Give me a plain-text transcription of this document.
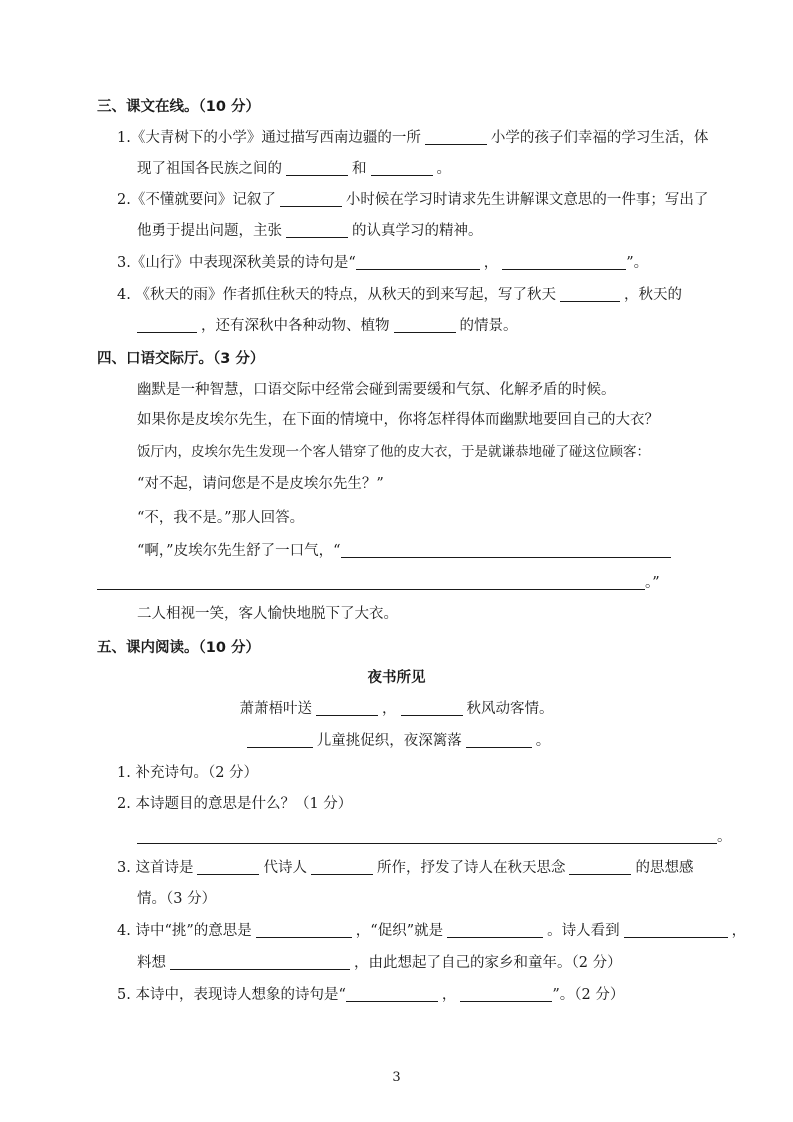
三、课文在线。（10 分）
1.《大青树下的小学》通过描写西南边疆的一所	小学的孩子们幸福的学习生活，体
现了祖国各民族之间的	和	。
2.《不懂就要问》记叙了	小时候在学习时请求先生讲解课文意思的一件事；写出了
他勇于提出问题，主张	的认真学习的精神。
3.《山行》中表现深秋美景的诗句是“	，	”。
4. 《秋天的雨》作者抓住秋天的特点，从秋天的到来写起，写了秋天	，秋天的
，还有深秋中各种动物、植物	的情景。
四、口语交际厅。（3 分）
幽默是一种智慧，口语交际中经常会碰到需要缓和气氛、化解矛盾的时候。
如果你是皮埃尔先生，在下面的情境中，你将怎样得体而幽默地要回自己的大衣？
饭厅内，皮埃尔先生发现一个客人错穿了他的皮大衣，于是就谦恭地碰了碰这位顾客：
“对不起，请问您是不是皮埃尔先生？”
“不，我不是。”那人回答。
“啊，”皮埃尔先生舒了一口气，“
。”
二人相视一笑，客人愉快地脱下了大衣。
五、课内阅读。（10 分）
夜书所见
萧萧梧叶送	，	秋风动客情。
儿童挑促织，夜深篱落	。
1. 补充诗句。（2 分）
2. 本诗题目的意思是什么？（1 分）
。
3. 这首诗是	代诗人	所作，抒发了诗人在秋天思念	的思想感
情。（3 分）
4. 诗中“挑”的意思是	，“促织”就是	。诗人看到	，
料想	，由此想起了自己的家乡和童年。（2 分）
5. 本诗中，表现诗人想象的诗句是“	，	”。（2 分）
3
